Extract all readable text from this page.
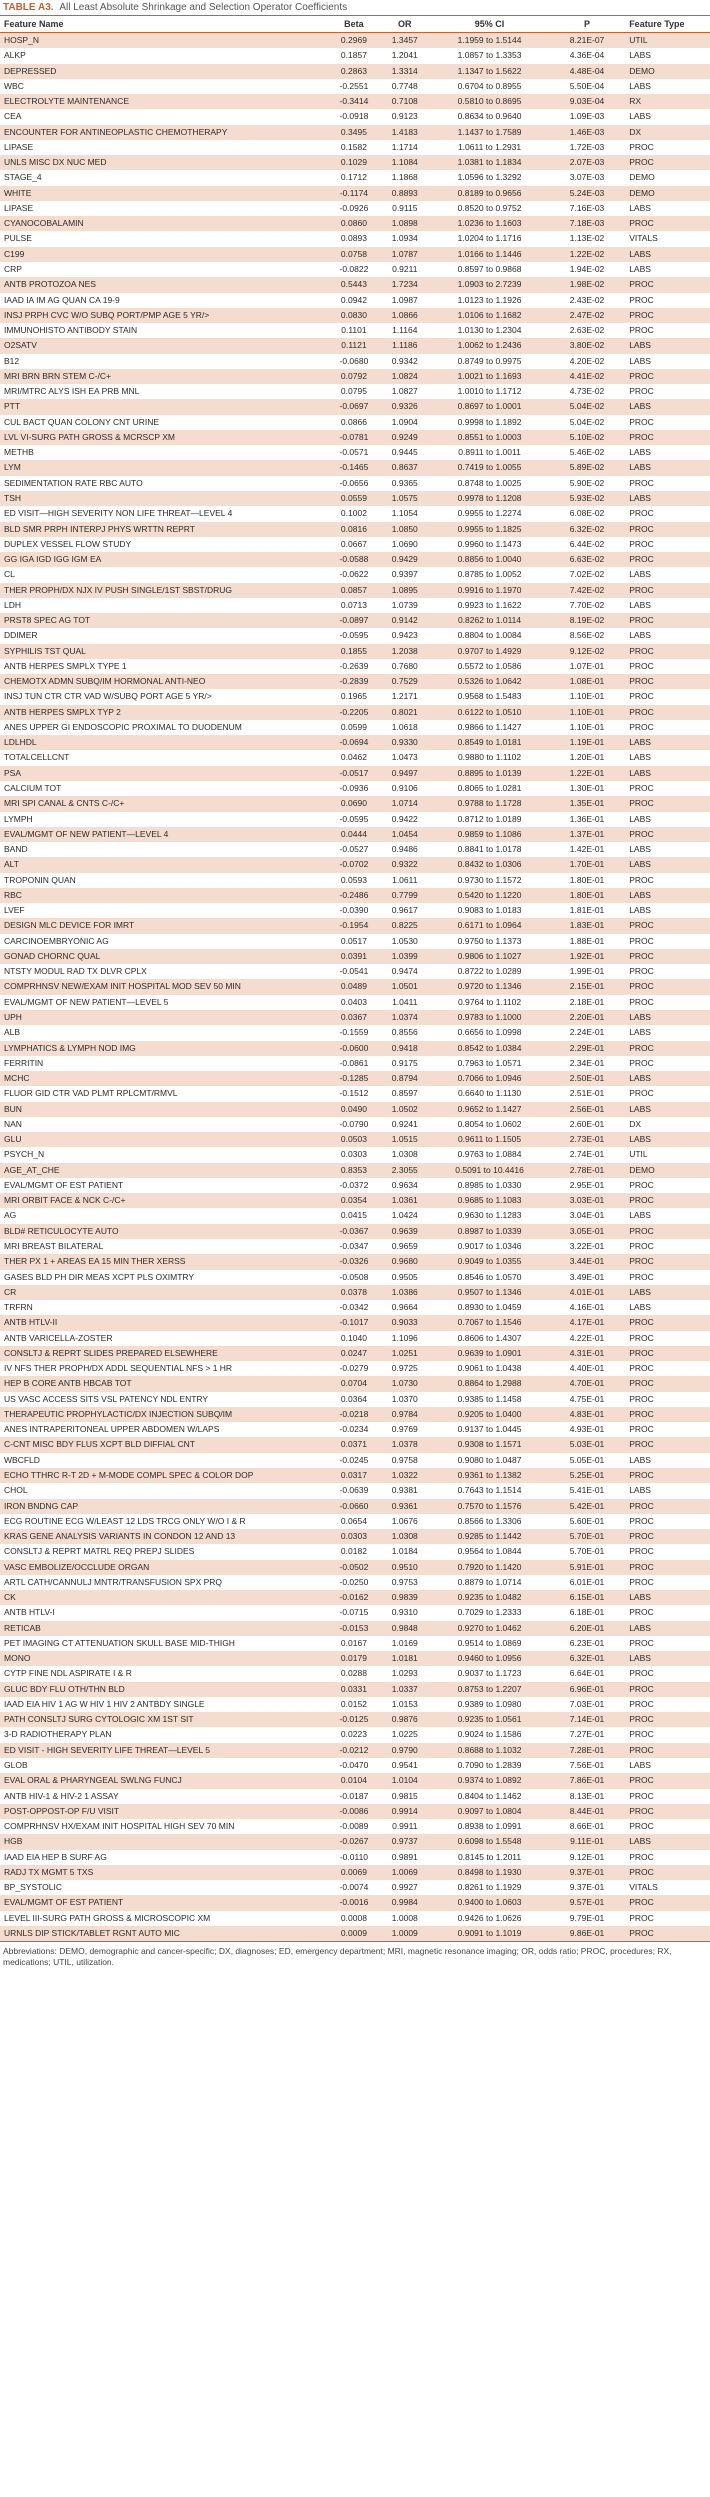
TABLE A3. All Least Absolute Shrinkage and Selection Operator Coefficients
Feature Name	Beta	OR	95% CI	P	Feature Type
HOSP_N	0.2969	1.3457	1.1959 to 1.5144	8.21E-07	UTIL
ALKP	0.1857	1.2041	1.0857 to 1.3353	4.36E-04	LABS
DEPRESSED	0.2863	1.3314	1.1347 to 1.5622	4.48E-04	DEMO
WBC	-0.2551	0.7748	0.6704 to 0.8955	5.50E-04	LABS
ELECTROLYTE MAINTENANCE	-0.3414	0.7108	0.5810 to 0.8695	9.03E-04	RX
CEA	-0.0918	0.9123	0.8634 to 0.9640	1.09E-03	LABS
ENCOUNTER FOR ANTINEOPLASTIC CHEMOTHERAPY	0.3495	1.4183	1.1437 to 1.7589	1.46E-03	DX
LIPASE	0.1582	1.1714	1.0611 to 1.2931	1.72E-03	PROC
UNLS MISC DX NUC MED	0.1029	1.1084	1.0381 to 1.1834	2.07E-03	PROC
STAGE_4	0.1712	1.1868	1.0596 to 1.3292	3.07E-03	DEMO
WHITE	-0.1174	0.8893	0.8189 to 0.9656	5.24E-03	DEMO
LIPASE	-0.0926	0.9115	0.8520 to 0.9752	7.16E-03	LABS
CYANOCOBALAMIN	0.0860	1.0898	1.0236 to 1.1603	7.18E-03	PROC
PULSE	0.0893	1.0934	1.0204 to 1.1716	1.13E-02	VITALS
C199	0.0758	1.0787	1.0166 to 1.1446	1.22E-02	LABS
CRP	-0.0822	0.9211	0.8597 to 0.9868	1.94E-02	LABS
ANTB PROTOZOA NES	0.5443	1.7234	1.0903 to 2.7239	1.98E-02	PROC
IAAD IA IM AG QUAN CA 19-9	0.0942	1.0987	1.0123 to 1.1926	2.43E-02	PROC
INSJ PRPH CVC W/O SUBQ PORT/PMP AGE 5 YR/>	0.0830	1.0866	1.0106 to 1.1682	2.47E-02	PROC
IMMUNOHISTO ANTIBODY STAIN	0.1101	1.1164	1.0130 to 1.2304	2.63E-02	PROC
O2SATV	0.1121	1.1186	1.0062 to 1.2436	3.80E-02	LABS
B12	-0.0680	0.9342	0.8749 to 0.9975	4.20E-02	LABS
MRI BRN BRN STEM C-/C+	0.0792	1.0824	1.0021 to 1.1693	4.41E-02	PROC
MRI/MTRC ALYS ISH EA PRB MNL	0.0795	1.0827	1.0010 to 1.1712	4.73E-02	PROC
PTT	-0.0697	0.9326	0.8697 to 1.0001	5.04E-02	LABS
CUL BACT QUAN COLONY CNT URINE	0.0866	1.0904	0.9998 to 1.1892	5.04E-02	PROC
LVL VI-SURG PATH GROSS & MCRSCP XM	-0.0781	0.9249	0.8551 to 1.0003	5.10E-02	PROC
METHB	-0.0571	0.9445	0.8911 to 1.0011	5.46E-02	LABS
LYM	-0.1465	0.8637	0.7419 to 1.0055	5.89E-02	LABS
SEDIMENTATION RATE RBC AUTO	-0.0656	0.9365	0.8748 to 1.0025	5.90E-02	PROC
TSH	0.0559	1.0575	0.9978 to 1.1208	5.93E-02	LABS
ED VISIT—HIGH SEVERITY NON LIFE THREAT—LEVEL 4	0.1002	1.1054	0.9955 to 1.2274	6.08E-02	PROC
BLD SMR PRPH INTERPJ PHYS WRTTN REPRT	0.0816	1.0850	0.9955 to 1.1825	6.32E-02	PROC
DUPLEX VESSEL FLOW STUDY	0.0667	1.0690	0.9960 to 1.1473	6.44E-02	PROC
GG IGA IGD IGG IGM EA	-0.0588	0.9429	0.8856 to 1.0040	6.63E-02	PROC
CL	-0.0622	0.9397	0.8785 to 1.0052	7.02E-02	LABS
THER PROPH/DX NJX IV PUSH SINGLE/1ST SBST/DRUG	0.0857	1.0895	0.9916 to 1.1970	7.42E-02	PROC
LDH	0.0713	1.0739	0.9923 to 1.1622	7.70E-02	LABS
PRST8 SPEC AG TOT	-0.0897	0.9142	0.8262 to 1.0114	8.19E-02	PROC
DDIMER	-0.0595	0.9423	0.8804 to 1.0084	8.56E-02	LABS
SYPHILIS TST QUAL	0.1855	1.2038	0.9707 to 1.4929	9.12E-02	PROC
ANTB HERPES SMPLX TYPE 1	-0.2639	0.7680	0.5572 to 1.0586	1.07E-01	PROC
CHEMOTX ADMN SUBQ/IM HORMONAL ANTI-NEO	-0.2839	0.7529	0.5326 to 1.0642	1.08E-01	PROC
INSJ TUN CTR CTR VAD W/SUBQ PORT AGE 5 YR/>	0.1965	1.2171	0.9568 to 1.5483	1.10E-01	PROC
ANTB HERPES SMPLX TYP 2	-0.2205	0.8021	0.6122 to 1.0510	1.10E-01	PROC
ANES UPPER GI ENDOSCOPIC PROXIMAL TO DUODENUM	0.0599	1.0618	0.9866 to 1.1427	1.10E-01	PROC
LDLHDL	-0.0694	0.9330	0.8549 to 1.0181	1.19E-01	LABS
TOTALCELLCNT	0.0462	1.0473	0.9880 to 1.1102	1.20E-01	LABS
PSA	-0.0517	0.9497	0.8895 to 1.0139	1.22E-01	LABS
CALCIUM TOT	-0.0936	0.9106	0.8065 to 1.0281	1.30E-01	PROC
MRI SPI CANAL & CNTS C-/C+	0.0690	1.0714	0.9788 to 1.1728	1.35E-01	PROC
LYMPH	-0.0595	0.9422	0.8712 to 1.0189	1.36E-01	LABS
EVAL/MGMT OF NEW PATIENT—LEVEL 4	0.0444	1.0454	0.9859 to 1.1086	1.37E-01	PROC
BAND	-0.0527	0.9486	0.8841 to 1.0178	1.42E-01	LABS
ALT	-0.0702	0.9322	0.8432 to 1.0306	1.70E-01	LABS
TROPONIN QUAN	0.0593	1.0611	0.9730 to 1.1572	1.80E-01	PROC
RBC	-0.2486	0.7799	0.5420 to 1.1220	1.80E-01	LABS
LVEF	-0.0390	0.9617	0.9083 to 1.0183	1.81E-01	LABS
DESIGN MLC DEVICE FOR IMRT	-0.1954	0.8225	0.6171 to 1.0964	1.83E-01	PROC
CARCINOEMBRYONIC AG	0.0517	1.0530	0.9750 to 1.1373	1.88E-01	PROC
GONAD CHORNC QUAL	0.0391	1.0399	0.9806 to 1.1027	1.92E-01	PROC
NTSTY MODUL RAD TX DLVR CPLX	-0.0541	0.9474	0.8722 to 1.0289	1.99E-01	PROC
COMPRHNSV NEW/EXAM INIT HOSPITAL MOD SEV 50 MIN	0.0489	1.0501	0.9720 to 1.1346	2.15E-01	PROC
EVAL/MGMT OF NEW PATIENT—LEVEL 5	0.0403	1.0411	0.9764 to 1.1102	2.18E-01	PROC
UPH	0.0367	1.0374	0.9783 to 1.1000	2.20E-01	LABS
ALB	-0.1559	0.8556	0.6656 to 1.0998	2.24E-01	LABS
LYMPHATICS & LYMPH NOD IMG	-0.0600	0.9418	0.8542 to 1.0384	2.29E-01	PROC
FERRITIN	-0.0861	0.9175	0.7963 to 1.0571	2.34E-01	PROC
MCHC	-0.1285	0.8794	0.7066 to 1.0946	2.50E-01	LABS
FLUOR GID CTR VAD PLMT RPLCMT/RMVL	-0.1512	0.8597	0.6640 to 1.1130	2.51E-01	PROC
BUN	0.0490	1.0502	0.9652 to 1.1427	2.56E-01	LABS
NAN	-0.0790	0.9241	0.8054 to 1.0602	2.60E-01	DX
GLU	0.0503	1.0515	0.9611 to 1.1505	2.73E-01	LABS
PSYCH_N	0.0303	1.0308	0.9763 to 1.0884	2.74E-01	UTIL
AGE_AT_CHE	0.8353	2.3055	0.5091 to 10.4416	2.78E-01	DEMO
EVAL/MGMT OF EST PATIENT	-0.0372	0.9634	0.8985 to 1.0330	2.95E-01	PROC
MRI ORBIT FACE & NCK C-/C+	0.0354	1.0361	0.9685 to 1.1083	3.03E-01	PROC
AG	0.0415	1.0424	0.9630 to 1.1283	3.04E-01	LABS
BLD# RETICULOCYTE AUTO	-0.0367	0.9639	0.8987 to 1.0339	3.05E-01	PROC
MRI BREAST BILATERAL	-0.0347	0.9659	0.9017 to 1.0346	3.22E-01	PROC
THER PX 1 + AREAS EA 15 MIN THER XERSS	-0.0326	0.9680	0.9049 to 1.0355	3.44E-01	PROC
GASES BLD PH DIR MEAS XCPT PLS OXIMTRY	-0.0508	0.9505	0.8546 to 1.0570	3.49E-01	PROC
CR	0.0378	1.0386	0.9507 to 1.1346	4.01E-01	LABS
TRFRN	-0.0342	0.9664	0.8930 to 1.0459	4.16E-01	LABS
ANTB HTLV-II	-0.1017	0.9033	0.7067 to 1.1546	4.17E-01	PROC
ANTB VARICELLA-ZOSTER	0.1040	1.1096	0.8606 to 1.4307	4.22E-01	PROC
CONSLTJ & REPRT SLIDES PREPARED ELSEWHERE	0.0247	1.0251	0.9639 to 1.0901	4.31E-01	PROC
IV NFS THER PROPH/DX ADDL SEQUENTIAL NFS > 1 HR	-0.0279	0.9725	0.9061 to 1.0438	4.40E-01	PROC
HEP B CORE ANTB HBCAB TOT	0.0704	1.0730	0.8864 to 1.2988	4.70E-01	PROC
US VASC ACCESS SITS VSL PATENCY NDL ENTRY	0.0364	1.0370	0.9385 to 1.1458	4.75E-01	PROC
THERAPEUTIC PROPHYLACTIC/DX INJECTION SUBQ/IM	-0.0218	0.9784	0.9205 to 1.0400	4.83E-01	PROC
ANES INTRAPERITONEAL UPPER ABDOMEN W/LAPS	-0.0234	0.9769	0.9137 to 1.0445	4.93E-01	PROC
C-CNT MISC BDY FLUS XCPT BLD DIFFIAL CNT	0.0371	1.0378	0.9308 to 1.1571	5.03E-01	PROC
WBCFLD	-0.0245	0.9758	0.9080 to 1.0487	5.05E-01	LABS
ECHO TTHRC R-T 2D + M-MODE COMPL SPEC & COLOR DOP	0.0317	1.0322	0.9361 to 1.1382	5.25E-01	PROC
CHOL	-0.0639	0.9381	0.7643 to 1.1514	5.41E-01	LABS
IRON BNDNG CAP	-0.0660	0.9361	0.7570 to 1.1576	5.42E-01	PROC
ECG ROUTINE ECG W/LEAST 12 LDS TRCG ONLY W/O I & R	0.0654	1.0676	0.8566 to 1.3306	5.60E-01	PROC
KRAS GENE ANALYSIS VARIANTS IN CONDON 12 AND 13	0.0303	1.0308	0.9285 to 1.1442	5.70E-01	PROC
CONSLTJ & REPRT MATRL REQ PREPJ SLIDES	0.0182	1.0184	0.9564 to 1.0844	5.70E-01	PROC
VASC EMBOLIZE/OCCLUDE ORGAN	-0.0502	0.9510	0.7920 to 1.1420	5.91E-01	PROC
ARTL CATH/CANNULJ MNTR/TRANSFUSION SPX PRQ	-0.0250	0.9753	0.8879 to 1.0714	6.01E-01	PROC
CK	-0.0162	0.9839	0.9235 to 1.0482	6.15E-01	LABS
ANTB HTLV-I	-0.0715	0.9310	0.7029 to 1.2333	6.18E-01	PROC
RETICAB	-0.0153	0.9848	0.9270 to 1.0462	6.20E-01	LABS
PET IMAGING CT ATTENUATION SKULL BASE MID-THIGH	0.0167	1.0169	0.9514 to 1.0869	6.23E-01	PROC
MONO	0.0179	1.0181	0.9460 to 1.0956	6.32E-01	LABS
CYTP FINE NDL ASPIRATE I & R	0.0288	1.0293	0.9037 to 1.1723	6.64E-01	PROC
GLUC BDY FLU OTH/THN BLD	0.0331	1.0337	0.8753 to 1.2207	6.96E-01	PROC
IAAD EIA HIV 1 AG W HIV 1 HIV 2 ANTBDY SINGLE	0.0152	1.0153	0.9389 to 1.0980	7.03E-01	PROC
PATH CONSLTJ SURG CYTOLOGIC XM 1ST SIT	-0.0125	0.9876	0.9235 to 1.0561	7.14E-01	PROC
3-D RADIOTHERAPY PLAN	0.0223	1.0225	0.9024 to 1.1586	7.27E-01	PROC
ED VISIT - HIGH SEVERITY LIFE THREAT—LEVEL 5	-0.0212	0.9790	0.8688 to 1.1032	7.28E-01	PROC
GLOB	-0.0470	0.9541	0.7090 to 1.2839	7.56E-01	LABS
EVAL ORAL & PHARYNGEAL SWLNG FUNCJ	0.0104	1.0104	0.9374 to 1.0892	7.86E-01	PROC
ANTB HIV-1 & HIV-2 1 ASSAY	-0.0187	0.9815	0.8404 to 1.1462	8.13E-01	PROC
POST-OPPOST-OP F/U VISIT	-0.0086	0.9914	0.9097 to 1.0804	8.44E-01	PROC
COMPRHNSV HX/EXAM INIT HOSPITAL HIGH SEV 70 MIN	-0.0089	0.9911	0.8938 to 1.0991	8.66E-01	PROC
HGB	-0.0267	0.9737	0.6098 to 1.5548	9.11E-01	LABS
IAAD EIA HEP B SURF AG	-0.0110	0.9891	0.8145 to 1.2011	9.12E-01	PROC
RADJ TX MGMT 5 TXS	0.0069	1.0069	0.8498 to 1.1930	9.37E-01	PROC
BP_SYSTOLIC	-0.0074	0.9927	0.8261 to 1.1929	9.37E-01	VITALS
EVAL/MGMT OF EST PATIENT	-0.0016	0.9984	0.9400 to 1.0603	9.57E-01	PROC
LEVEL III-SURG PATH GROSS & MICROSCOPIC XM	0.0008	1.0008	0.9426 to 1.0626	9.79E-01	PROC
URNLS DIP STICK/TABLET RGNT AUTO MIC	0.0009	1.0009	0.9091 to 1.1019	9.86E-01	PROC
Abbreviations: DEMO, demographic and cancer-specific; DX, diagnoses; ED, emergency department; MRI, magnetic resonance imaging; OR, odds ratio; PROC, procedures; RX, medications; UTIL, utilization.
